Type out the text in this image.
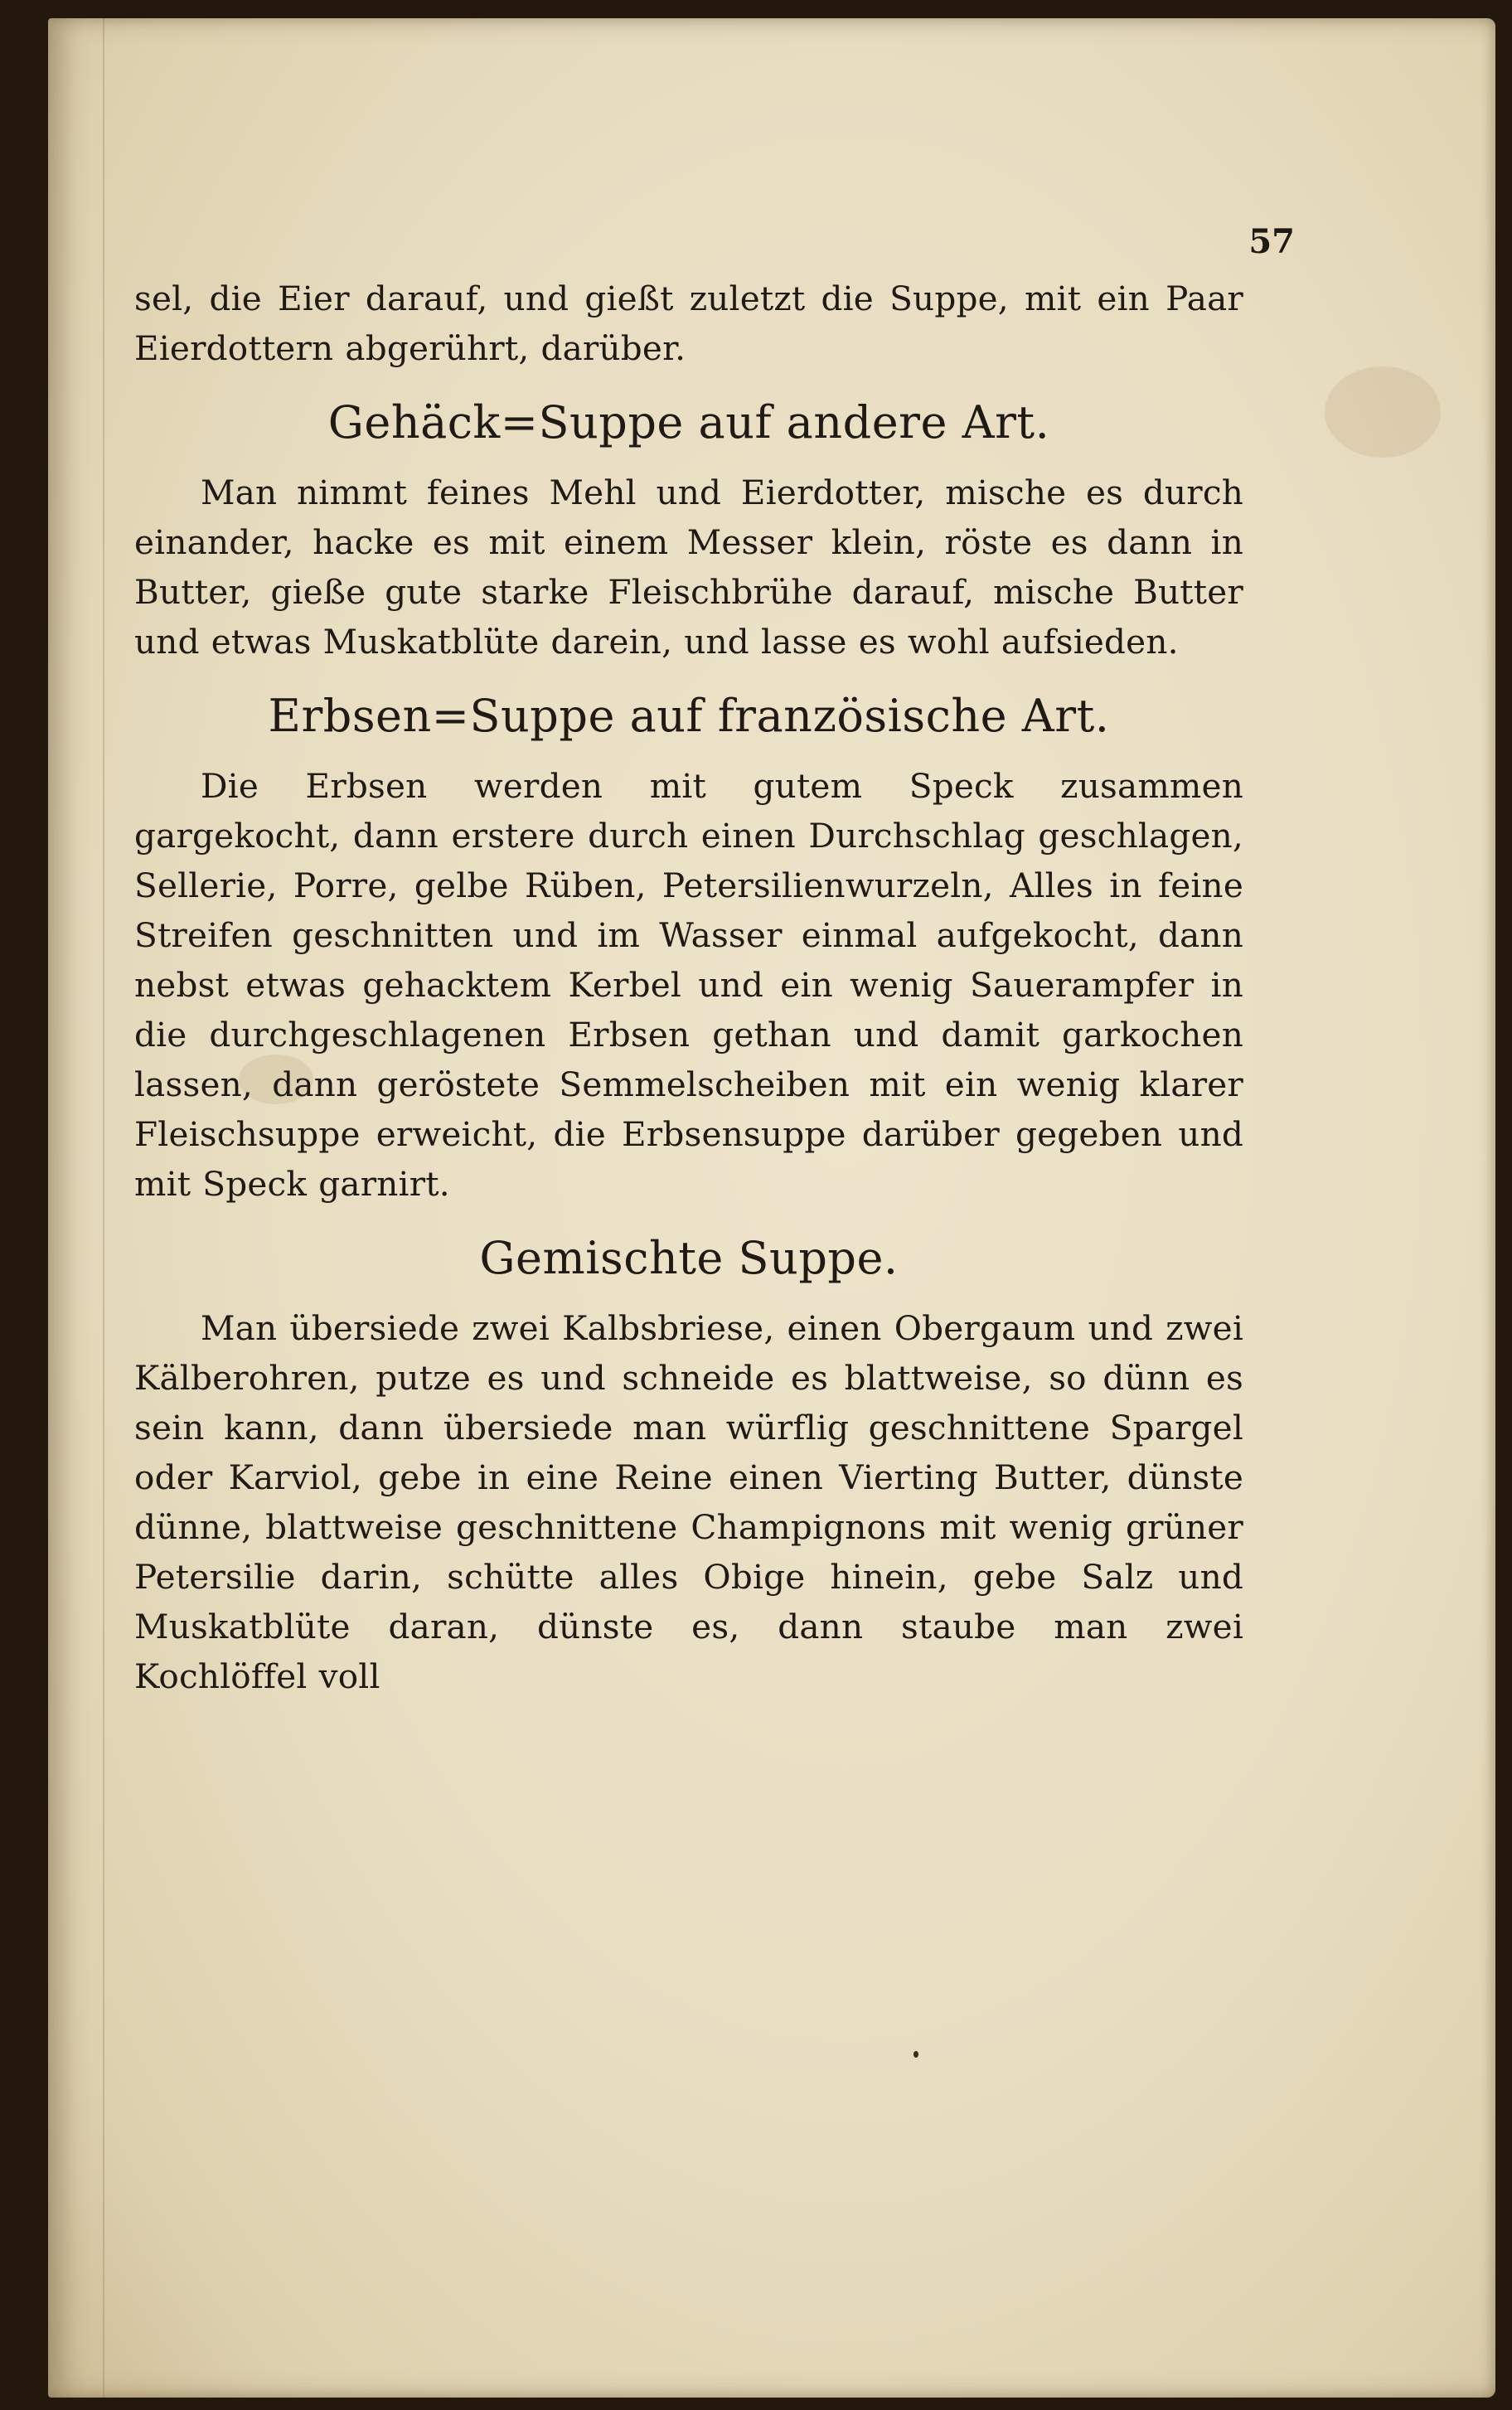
57

sel, die Eier darauf, und gießt zuletzt die Suppe, mit ein Paar Eierdottern abgerührt, darüber.

Gehäck=Suppe auf andere Art.

Man nimmt feines Mehl und Eierdotter, mische es durch einander, hacke es mit einem Messer klein, röste es dann in Butter, gieße gute starke Fleischbrühe darauf, mische Butter und etwas Muskatblüte darein, und lasse es wohl aufsieden.

Erbsen=Suppe auf französische Art.

Die Erbsen werden mit gutem Speck zusammen gargekocht, dann erstere durch einen Durchschlag geschlagen, Sellerie, Porre, gelbe Rüben, Petersilienwurzeln, Alles in feine Streifen geschnitten und im Wasser einmal aufgekocht, dann nebst etwas gehacktem Kerbel und ein wenig Sauerampfer in die durchgeschlagenen Erbsen gethan und damit garkochen lassen, dann geröstete Semmelscheiben mit ein wenig klarer Fleischsuppe erweicht, die Erbsensuppe darüber gegeben und mit Speck garnirt.

Gemischte Suppe.

Man übersiede zwei Kalbsbriese, einen Obergaum und zwei Kälberohren, putze es und schneide es blattweise, so dünn es sein kann, dann übersiede man würflig geschnittene Spargel oder Karviol, gebe in eine Reine einen Vierting Butter, dünste dünne, blattweise geschnittene Champignons mit wenig grüner Petersilie darin, schütte alles Obige hinein, gebe Salz und Muskatblüte daran, dünste es, dann staube man zwei Kochlöffel voll
